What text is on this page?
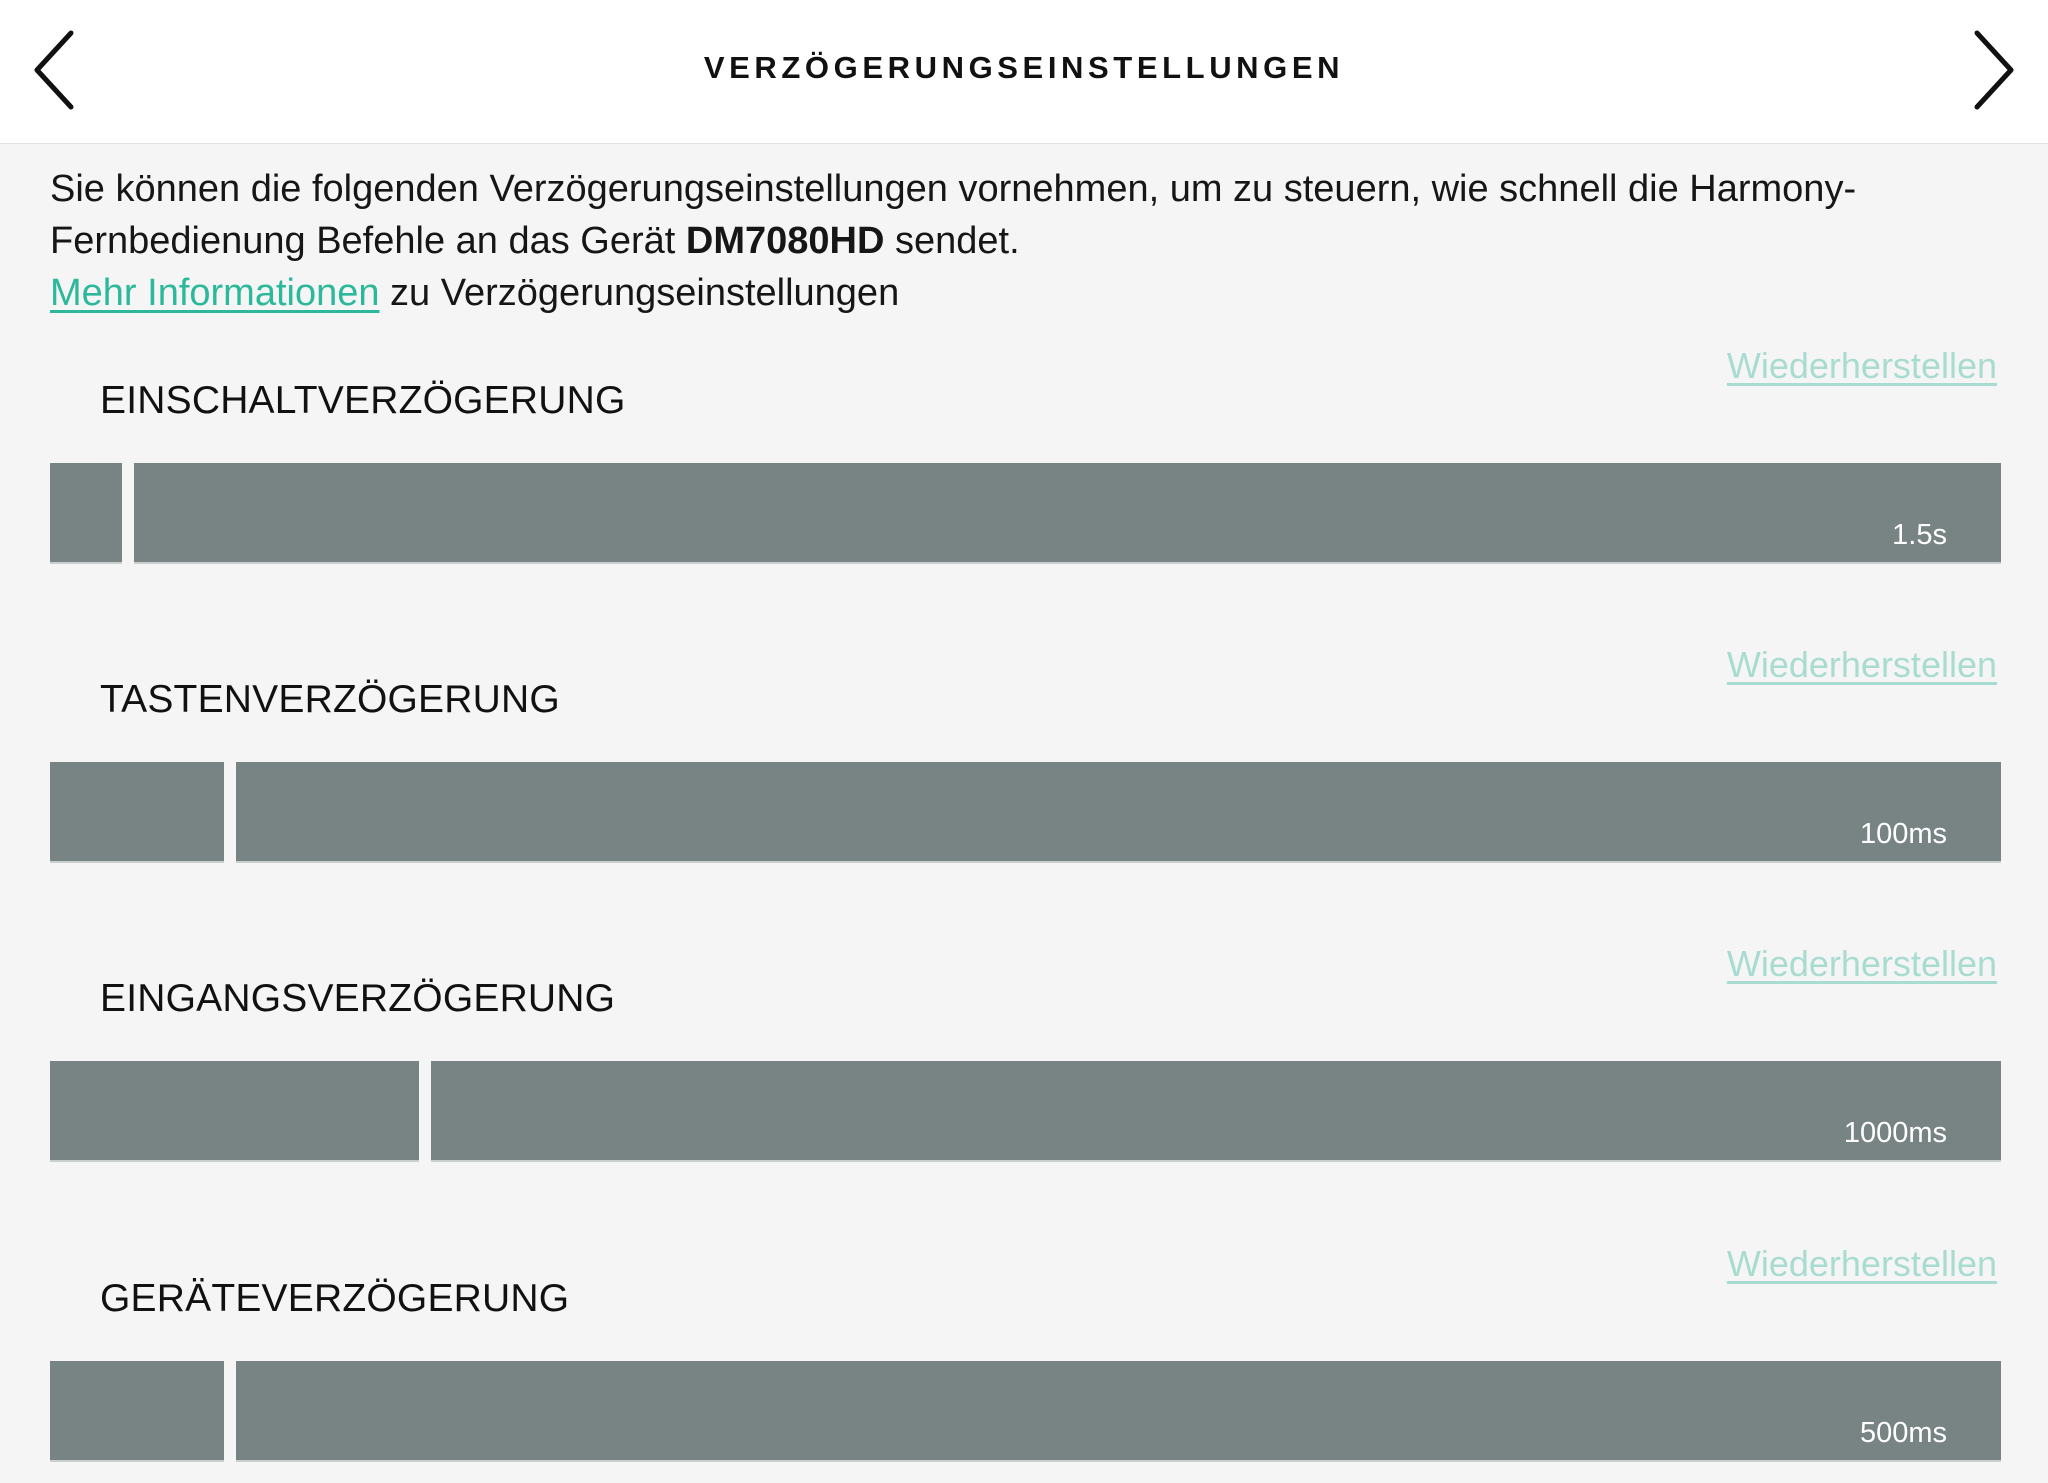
VERZÖGERUNGSEINSTELLUNGEN
Sie können die folgenden Verzögerungseinstellungen vornehmen, um zu steuern, wie schnell die Harmony-
Fernbedienung Befehle an das Gerät DM7080HD sendet.
Mehr Informationen zu Verzögerungseinstellungen
Wiederherstellen
EINSCHALTVERZÖGERUNG
1.5s
Wiederherstellen
TASTENVERZÖGERUNG
100ms
Wiederherstellen
EINGANGSVERZÖGERUNG
1000ms
Wiederherstellen
GERÄTEVERZÖGERUNG
500ms
